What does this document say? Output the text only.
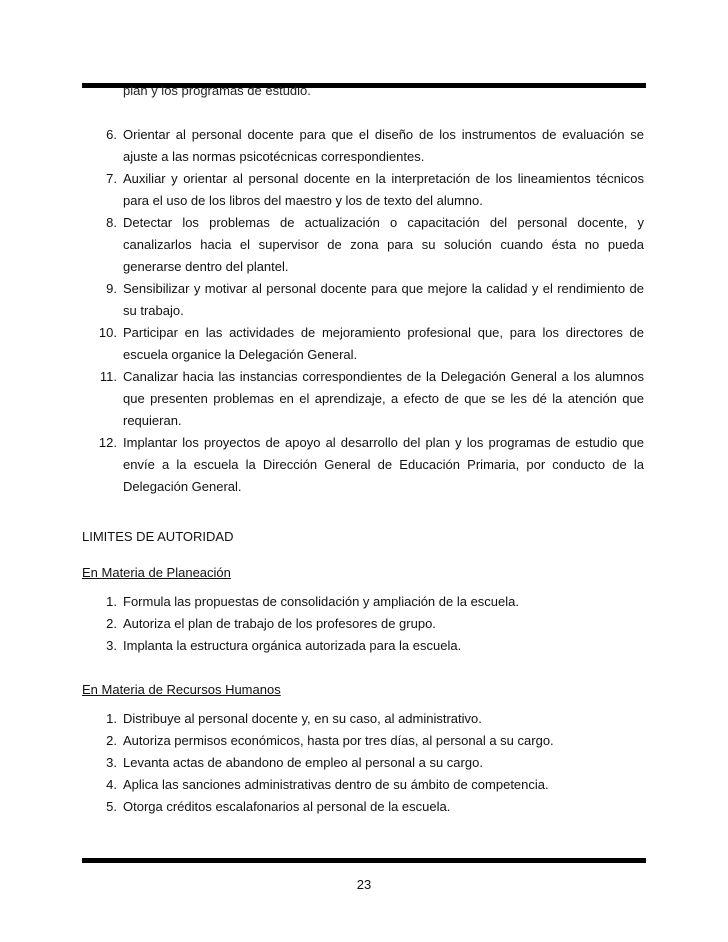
plan y los programas de estudio.
6. Orientar al personal docente para que el diseño de los instrumentos de evaluación se ajuste a las normas psicotécnicas correspondientes.
7. Auxiliar y orientar al personal docente en la interpretación de los lineamientos técnicos para el uso de los libros del maestro y los de texto del alumno.
8. Detectar los problemas de actualización o capacitación del personal docente, y canalizarlos hacia el supervisor de zona para su solución cuando ésta no pueda generarse dentro del plantel.
9. Sensibilizar y motivar al personal docente para que mejore la calidad y el rendimiento de su trabajo.
10. Participar en las actividades de mejoramiento profesional que, para los directores de escuela organice la Delegación General.
11. Canalizar hacia las instancias correspondientes de la Delegación General a los alumnos que presenten problemas en el aprendizaje, a efecto de que se les dé la atención que requieran.
12. Implantar los proyectos de apoyo al desarrollo del plan y los programas de estudio que envíe a la escuela la Dirección General de Educación Primaria, por conducto de la Delegación General.
LIMITES DE AUTORIDAD
En Materia de Planeación
1. Formula las propuestas de consolidación y ampliación de la escuela.
2. Autoriza el plan de trabajo de los profesores de grupo.
3. Implanta la estructura orgánica autorizada para la escuela.
En Materia de Recursos Humanos
1. Distribuye al personal docente y, en su caso, al administrativo.
2. Autoriza permisos económicos, hasta por tres días, al personal a su cargo.
3. Levanta actas de abandono de empleo al personal a su cargo.
4. Aplica las sanciones administrativas dentro de su ámbito de competencia.
5. Otorga créditos escalafonarios al personal de la escuela.
23
